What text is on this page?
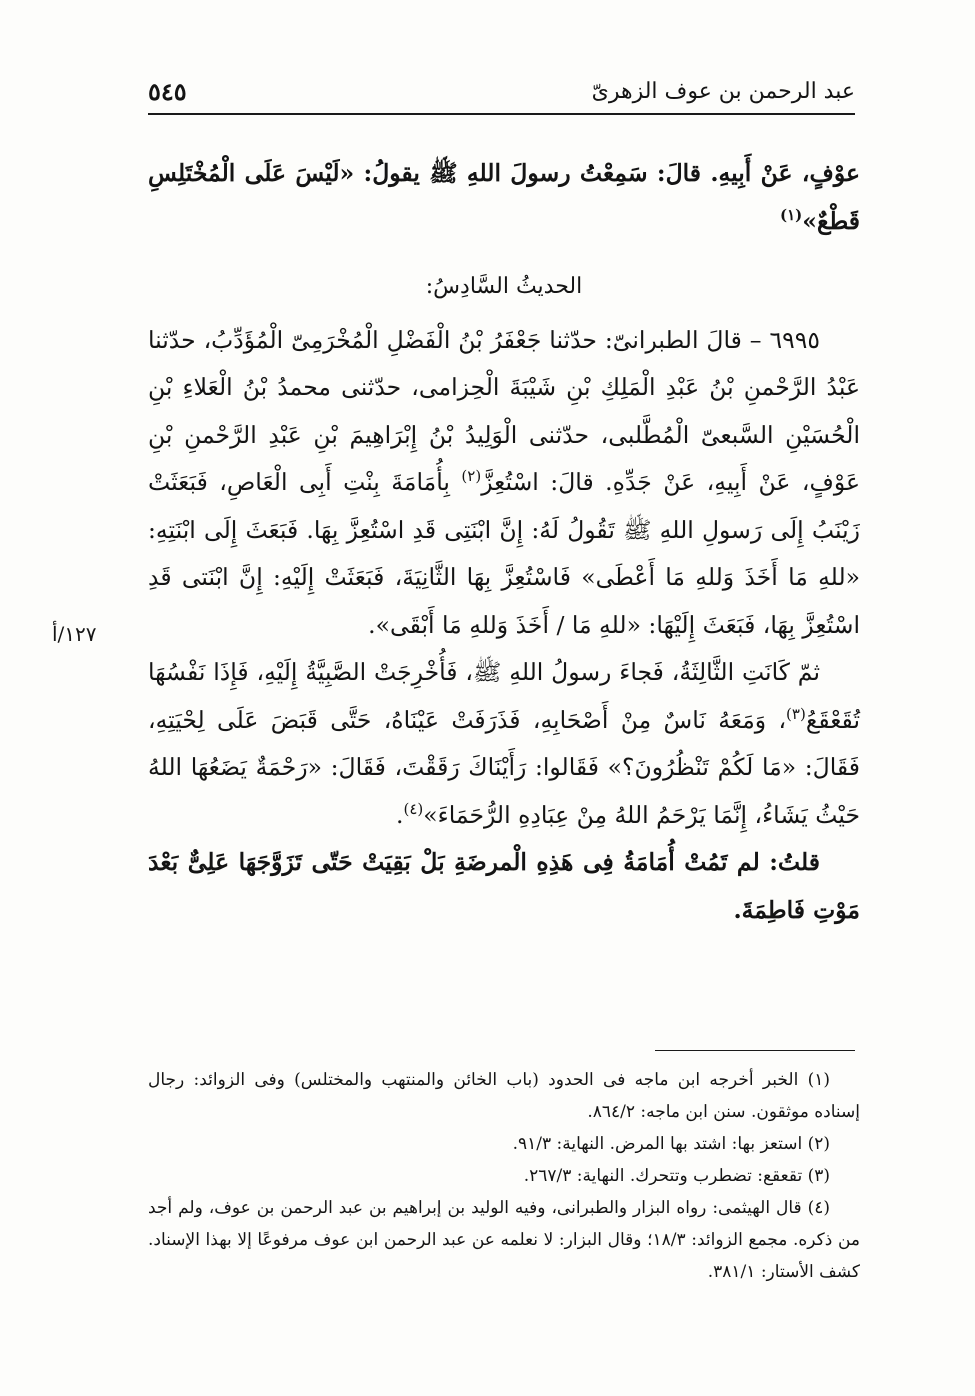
عبد الرحمن بن عوف الزهرىّ
٥٤٥
١٢٧/أ

عوْفٍ، عَنْ أَبِيهِ. قالَ: سَمِعْتُ رسولَ اللهِ ﷺ يقولُ: «لَيْسَ عَلَى الْمُخْتَلِسِ قَطْعٌ»$^{(١)}$

الحديثُ السَّادِسُ:

٦٩٩٥ – قالَ الطبرانىّ: حدّثنا جَعْفَرُ بْنُ الْفَضْلِ الْمُخْرَمِىّ الْمُؤَدِّبُ، حدّثنا عَبْدُ الرَّحْمنِ بْنُ عَبْدِ الْمَلِكِ بْنِ شَيْبَةَ الْحِزامى، حدّثنى محمدُ بْنُ الْعَلاءِ بْنِ الْحُسَيْنِ السَّبعىّ الْمُطَّلبى، حدّثنى الْوَلِيدُ بْنُ إِبْرَاهِيمَ بْنِ عَبْدِ الرَّحْمنِ بْنِ عَوْفٍ، عَنْ أَبِيهِ، عَنْ جَدِّهِ. قالَ: اسْتُعِزَّ$^{(٢)}$ بِأُمَامَةَ بِنْتِ أَبِى الْعَاصِ، فَبَعَثَتْ زَيْنَبُ إِلَى رَسولِ اللهِ ﷺ تَقُولُ لَهُ: إِنَّ ابْنَتِى قَدِ اسْتُعِزَّ بِهَا. فَبَعَثَ إِلَى ابْنَتِهِ: «للهِ مَا أَخَذَ وَللهِ مَا أَعْطَى» فَاسْتُعِزَّ بِهَا الثَّانِيَةَ، فَبَعَثَتْ إِلَيْهِ: إِنَّ ابْنَتى قَدِ اسْتُعِزَّ بِهَا، فَبَعَثَ إِلَيْهَا: «للهِ مَا / أَخَذَ وَللهِ مَا أَبْقَى».

ثمّ كَانَتِ الثَّالِثَةُ، فَجاءَ رسولُ اللهِ ﷺ، فَأُخْرِجَتْ الصَّبِيَّةُ إِلَيْهِ، فَإِذَا نَفْسُهَا تُقَعْقَعُ$^{(٣)}$، وَمَعَهُ نَاسٌ مِنْ أَصْحَابِهِ، فَذَرَفَتْ عَيْنَاهُ، حَتَّى قَبَضَ عَلَى لِحْيَتِهِ، فَقَالَ: «مَا لَكُمْ تَنْظُرُونَ؟» فَقَالوا: رَأَيْنَاكَ رَقَقْتَ، فَقَالَ: «رَحْمَةٌ يَضَعُهَا اللهُ حَيْثُ يَشَاءُ، إِنَّمَا يَرْحَمُ اللهُ مِنْ عِبَادِهِ الرُّحَمَاءَ»$^{(٤)}$.

قلتُ: لم تَمُتْ أُمَامَةُ فِى هَذِهِ الْمرضَةِ بَلْ بَقِيَتْ حَتّى تَزَوَّجَهَا عَلِىٌّ بَعْدَ مَوْتِ فَاطِمَةَ.

(١) الخبر أخرجه ابن ماجه فى الحدود (باب الخائن والمنتهب والمختلس) وفى الزوائد: رجال إسناده موثقون. سنن ابن ماجه: ٨٦٤/٢.

(٢) استعز بها: اشتد بها المرض. النهاية: ٩١/٣.

(٣) تقعقع: تضطرب وتتحرك. النهاية: ٢٦٧/٣.

(٤) قال الهيثمى: رواه البزار والطبرانى، وفيه الوليد بن إبراهيم بن عبد الرحمن بن عوف، ولم أجد من ذكره. مجمع الزوائد: ١٨/٣؛ وقال البزار: لا نعلمه عن عبد الرحمن ابن عوف مرفوعًا إلا بهذا الإسناد. كشف الأستار: ٣٨١/١.
